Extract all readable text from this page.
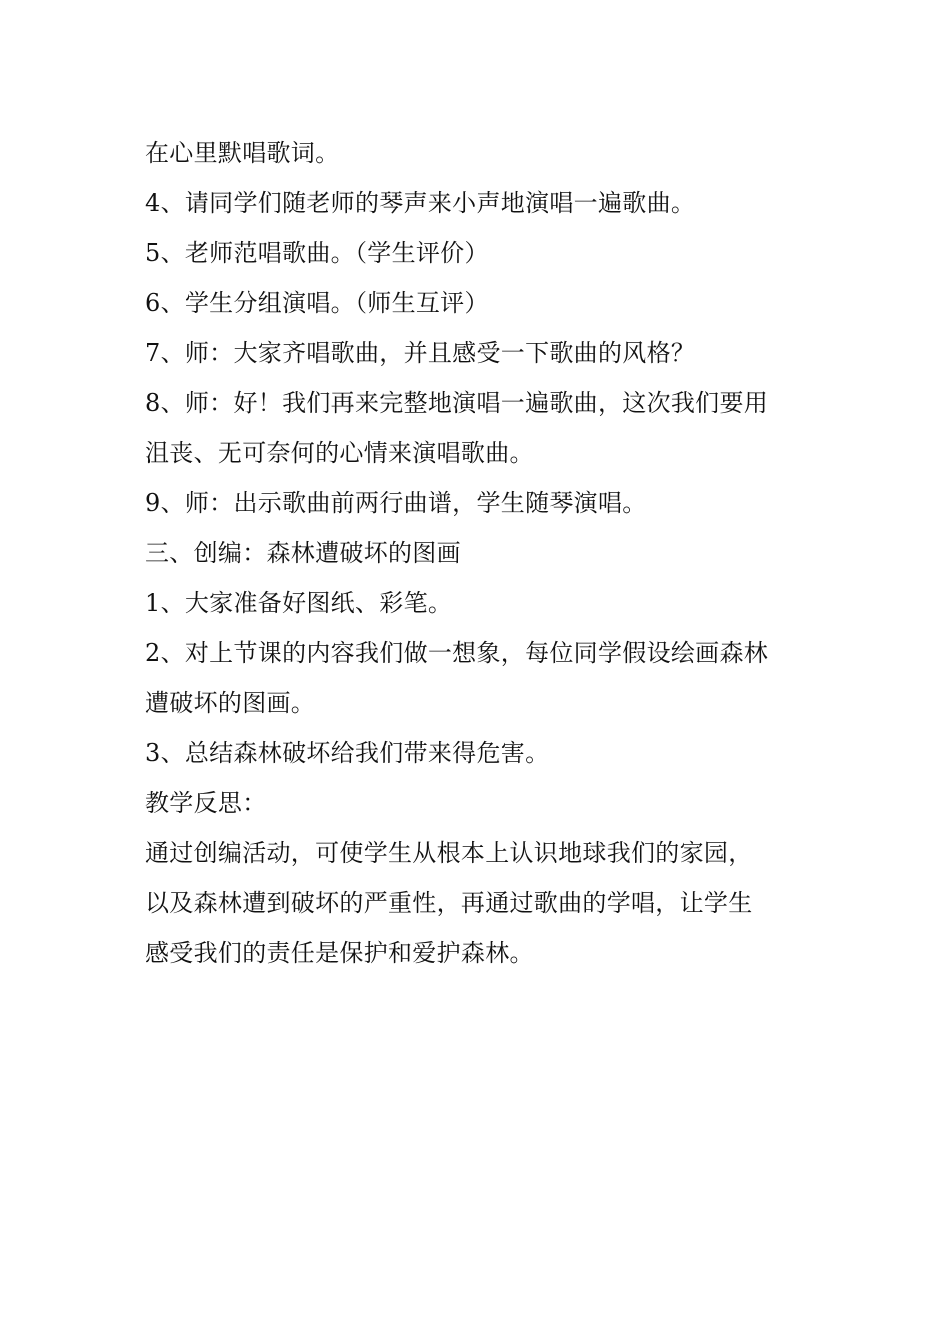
在心里默唱歌词。
4、请同学们随老师的琴声来小声地演唱一遍歌曲。
5、老师范唱歌曲。（学生评价）
6、学生分组演唱。（师生互评）
7、师：大家齐唱歌曲，并且感受一下歌曲的风格？
8、师：好！我们再来完整地演唱一遍歌曲，这次我们要用
沮丧、无可奈何的心情来演唱歌曲。
9、师：出示歌曲前两行曲谱，学生随琴演唱。
三、创编：森林遭破坏的图画
1、大家准备好图纸、彩笔。
2、对上节课的内容我们做一想象，每位同学假设绘画森林
遭破坏的图画。
3、总结森林破坏给我们带来得危害。
教学反思：
通过创编活动，可使学生从根本上认识地球我们的家园，
以及森林遭到破坏的严重性，再通过歌曲的学唱，让学生
感受我们的责任是保护和爱护森林。
